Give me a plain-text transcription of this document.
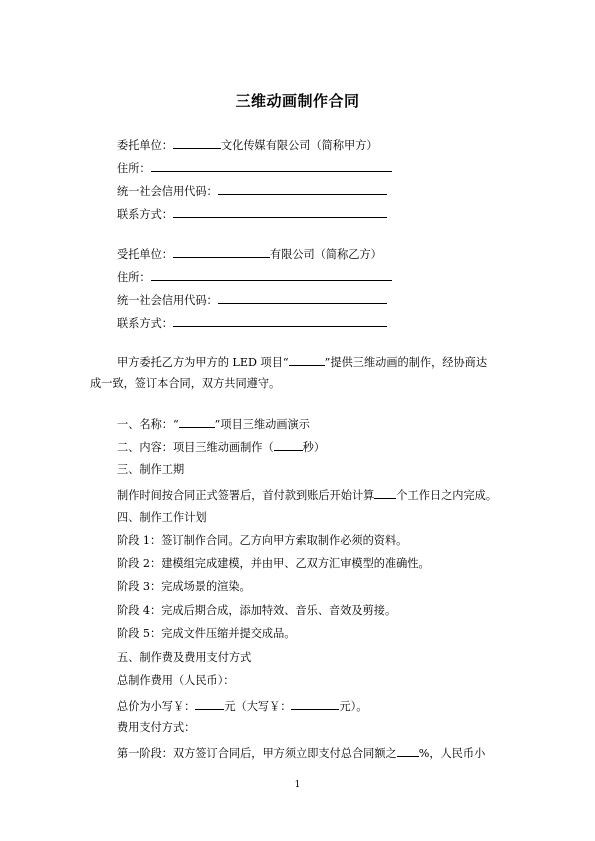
三维动画制作合同
委托单位：	文化传媒有限公司（简称甲方）
住所：
统一社会信用代码：
联系方式：
受托单位：	有限公司（简称乙方）
住所：
统一社会信用代码：
联系方式：
甲方委托乙方为甲方的 LED 项目“	”提供三维动画的制作，经协商达
成一致，签订本合同，双方共同遵守。
一、名称：“	”项目三维动画演示
二、内容：项目三维动画制作（	秒）
三、制作工期
制作时间按合同正式签署后，首付款到账后开始计算 个工作日之内完成。
四、制作工作计划
阶段 1：签订制作合同。乙方向甲方索取制作必须的资料。
阶段 2：建模组完成建模，并由甲、乙双方汇审模型的准确性。
阶段 3：完成场景的渲染。
阶段 4：完成后期合成，添加特效、音乐、音效及剪接。
阶段 5：完成文件压缩并提交成品。
五、制作费及费用支付方式
总制作费用（人民币）：
总价为小写￥：	元（大写￥：	元）。
费用支付方式：
第一阶段：双方签订合同后，甲方须立即支付总合同额之 %，人民币小
1
